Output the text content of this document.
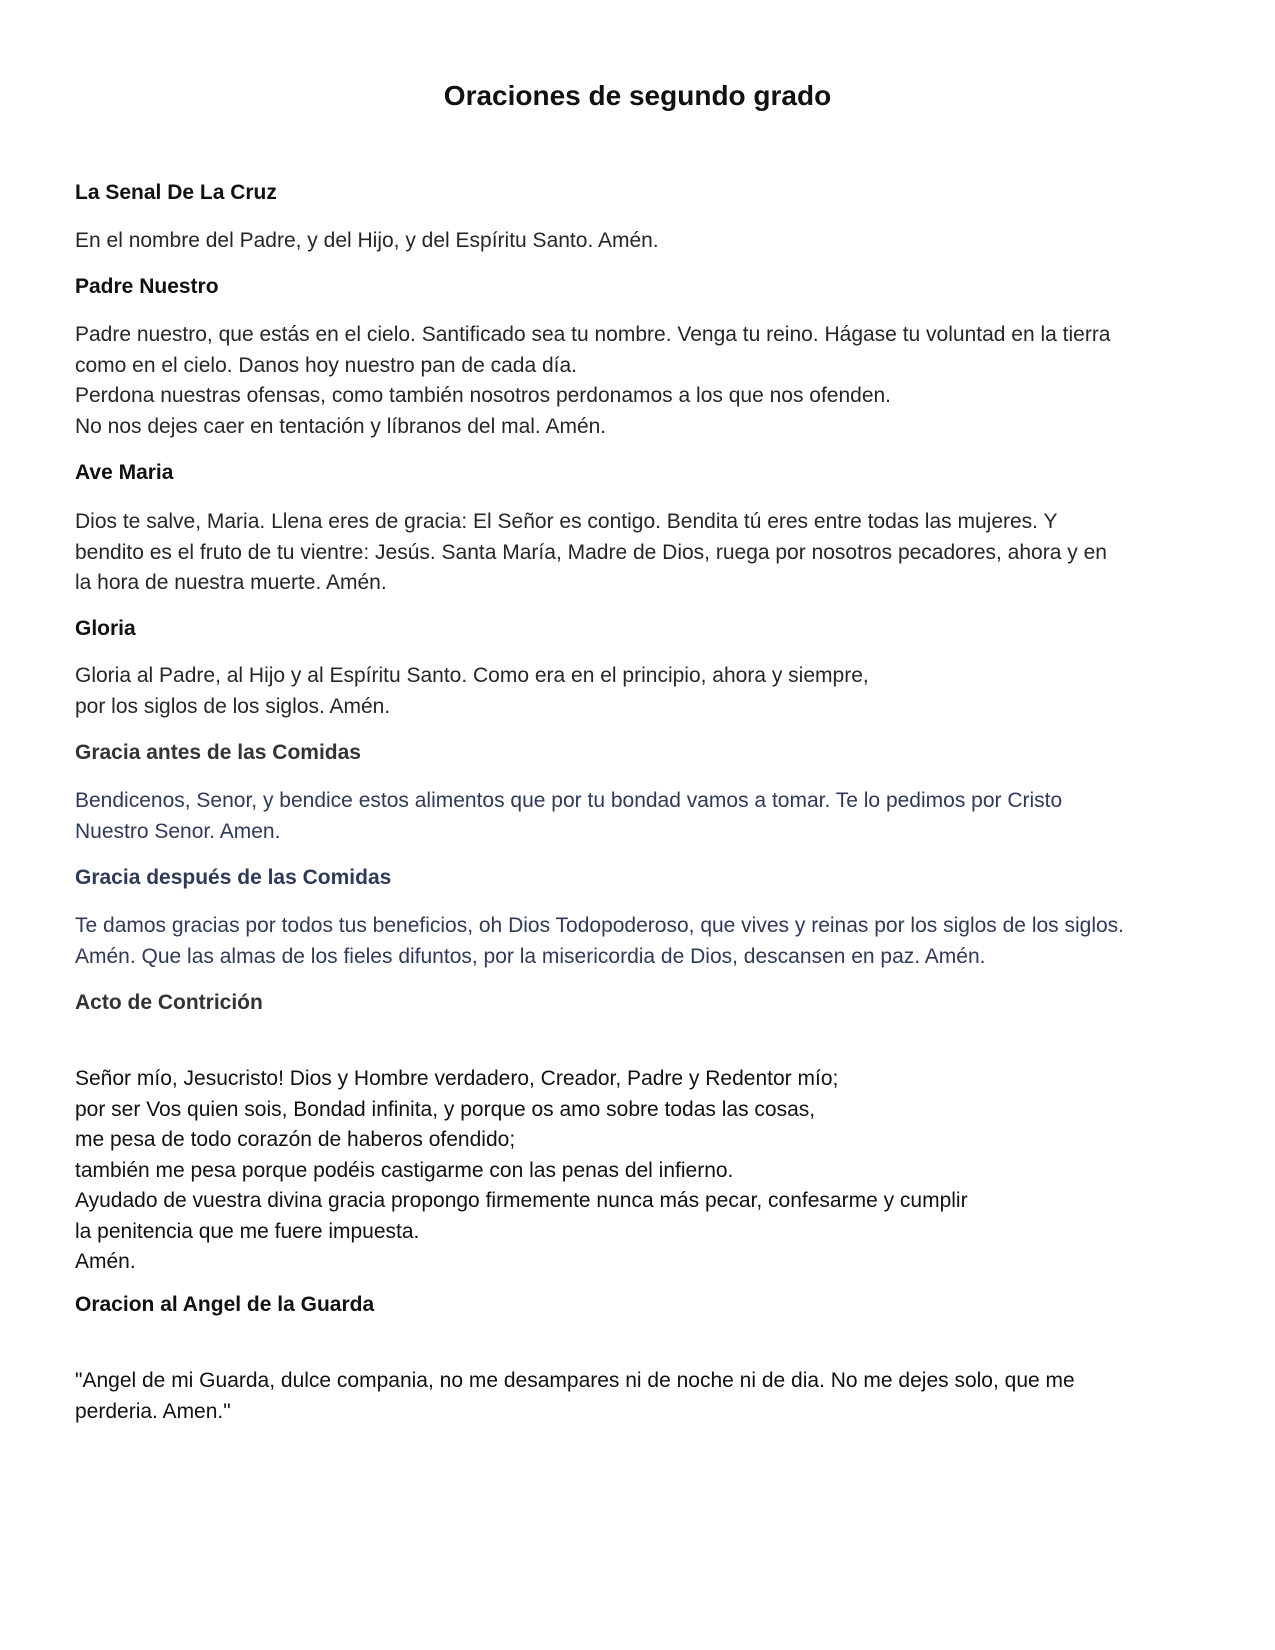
Oraciones de segundo grado
La Senal De La Cruz
En el nombre del Padre, y del Hijo, y del Espíritu Santo. Amén.
Padre Nuestro
Padre nuestro, que estás en el cielo. Santificado sea tu nombre. Venga tu reino. Hágase tu voluntad en la tierra
como en el cielo. Danos hoy nuestro pan de cada día.
Perdona nuestras ofensas, como también nosotros perdonamos a los que nos ofenden.
No nos dejes caer en tentación y líbranos del mal. Amén.
Ave Maria
Dios te salve, Maria. Llena eres de gracia: El Señor es contigo. Bendita tú eres entre todas las mujeres. Y
bendito es el fruto de tu vientre: Jesús. Santa María, Madre de Dios, ruega por nosotros pecadores, ahora y en
la hora de nuestra muerte. Amén.
Gloria
Gloria al Padre, al Hijo y al Espíritu Santo. Como era en el principio, ahora y siempre,
por los siglos de los siglos. Amén.
Gracia antes de las Comidas
Bendicenos, Senor, y bendice estos alimentos que por tu bondad vamos a tomar. Te lo pedimos por Cristo
Nuestro Senor. Amen.
Gracia después de las Comidas
Te damos gracias por todos tus beneficios, oh Dios Todopoderoso, que vives y reinas por los siglos de los siglos.
Amén. Que las almas de los fieles difuntos, por la misericordia de Dios, descansen en paz. Amén.
Acto de Contrición
Señor mío, Jesucristo! Dios y Hombre verdadero, Creador, Padre y Redentor mío;
por ser Vos quien sois, Bondad infinita, y porque os amo sobre todas las cosas,
me pesa de todo corazón de haberos ofendido;
también me pesa porque podéis castigarme con las penas del infierno.
Ayudado de vuestra divina gracia propongo firmemente nunca más pecar, confesarme y cumplir
la penitencia que me fuere impuesta.
Amén.
Oracion al Angel de la Guarda
"Angel de mi Guarda, dulce compania, no me desampares ni de noche ni de dia. No me dejes solo, que me
perderia. Amen."
